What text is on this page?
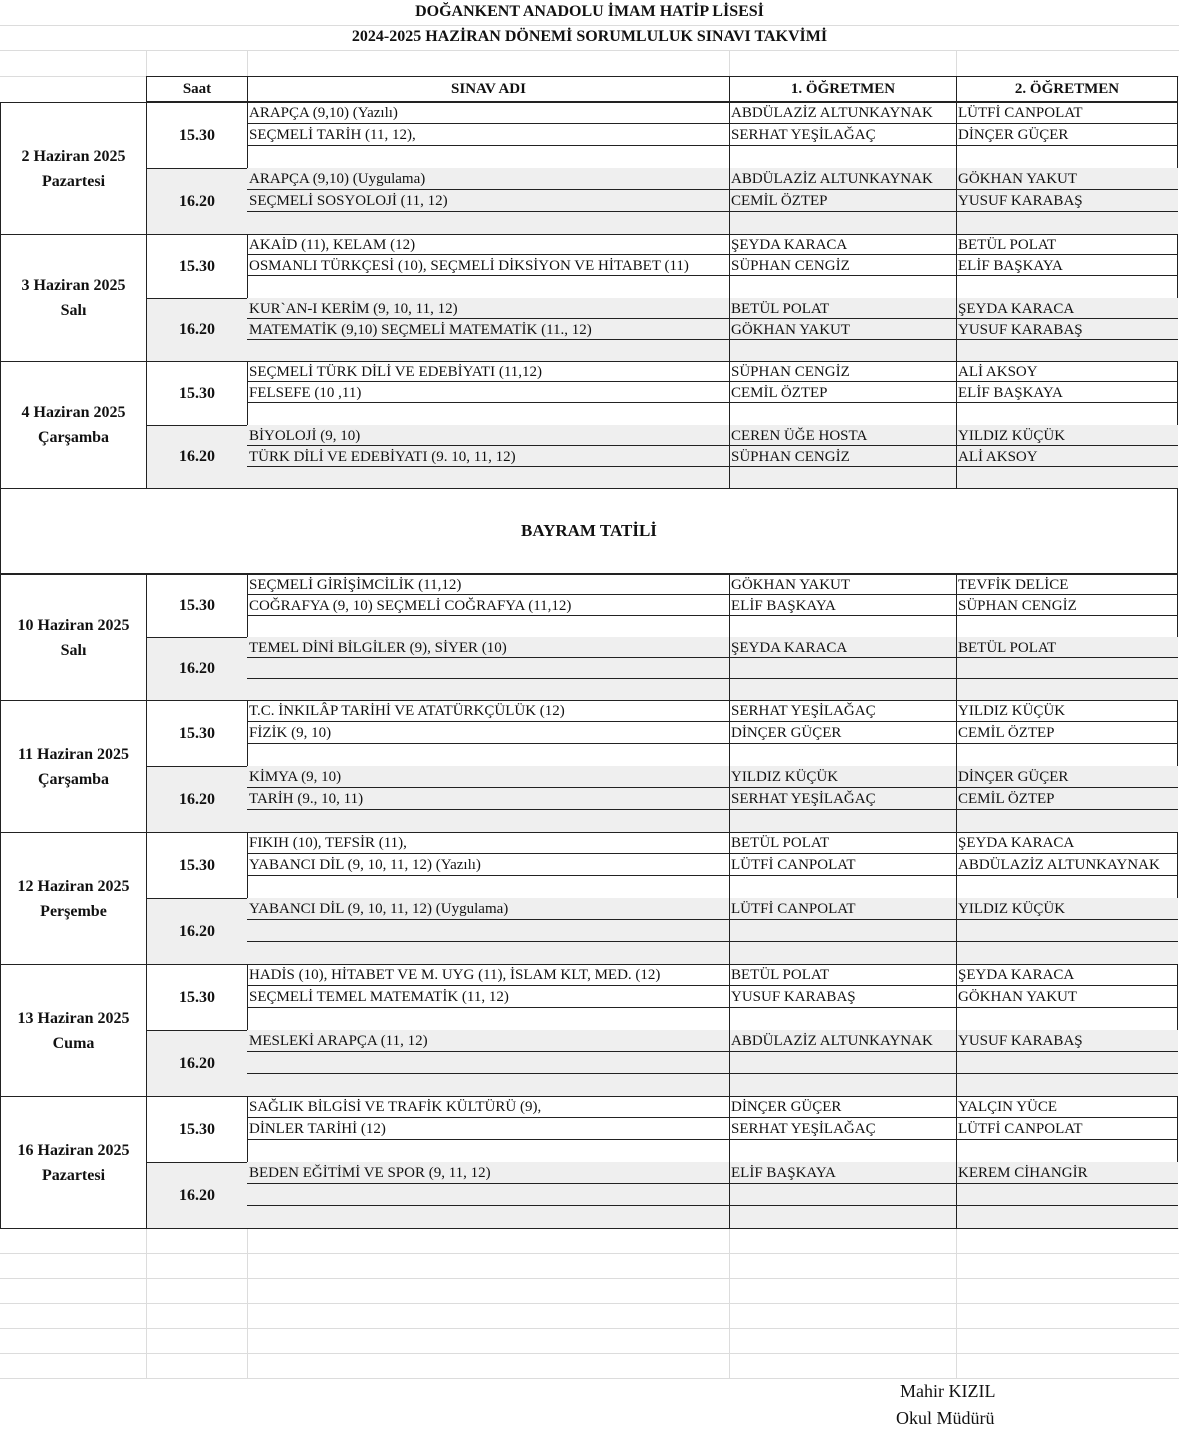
DOĞANKENT ANADOLU İMAM HATİP LİSESİ
2024-2025 HAZİRAN DÖNEMİ SORUMLULUK SINAVI TAKVİMİ
Saat	SINAV ADI	1. ÖĞRETMEN	2. ÖĞRETMEN
2 Haziran 2025
Pazartesi
15.30
ARAPÇA (9,10) (Yazılı)	ABDÜLAZİZ ALTUNKAYNAK	LÜTFİ CANPOLAT
SEÇMELİ TARİH (11, 12),	SERHAT YEŞİLAĞAÇ	DİNÇER GÜÇER
16.20
ARAPÇA (9,10) (Uygulama)	ABDÜLAZİZ ALTUNKAYNAK	GÖKHAN YAKUT
SEÇMELİ SOSYOLOJİ (11, 12)	CEMİL ÖZTEP	YUSUF KARABAŞ
3 Haziran 2025
Salı
15.30
AKAİD (11), KELAM (12)	ŞEYDA KARACA	BETÜL POLAT
OSMANLI TÜRKÇESİ (10), SEÇMELİ DİKSİYON VE HİTABET (11)	SÜPHAN CENGİZ	ELİF BAŞKAYA
16.20
KUR`AN-I KERİM (9, 10, 11, 12)	BETÜL POLAT	ŞEYDA KARACA
MATEMATİK (9,10) SEÇMELİ MATEMATİK (11., 12)	GÖKHAN YAKUT	YUSUF KARABAŞ
4 Haziran 2025
Çarşamba
15.30
SEÇMELİ TÜRK DİLİ VE EDEBİYATI (11,12)	SÜPHAN CENGİZ	ALİ AKSOY
FELSEFE (10 ,11)	CEMİL ÖZTEP	ELİF BAŞKAYA
16.20
BİYOLOJİ (9, 10)	CEREN ÜĞE HOSTA	YILDIZ KÜÇÜK
TÜRK DİLİ VE EDEBİYATI (9. 10, 11, 12)	SÜPHAN CENGİZ	ALİ AKSOY
10 Haziran 2025
Salı
15.30
SEÇMELİ GİRİŞİMCİLİK (11,12)	GÖKHAN YAKUT	TEVFİK DELİCE
COĞRAFYA (9, 10) SEÇMELİ COĞRAFYA (11,12)	ELİF BAŞKAYA	SÜPHAN CENGİZ
16.20
TEMEL DİNİ BİLGİLER (9), SİYER (10)	ŞEYDA KARACA	BETÜL POLAT
11 Haziran 2025
Çarşamba
15.30
T.C. İNKILÂP TARİHİ VE ATATÜRKÇÜLÜK (12)	SERHAT YEŞİLAĞAÇ	YILDIZ KÜÇÜK
FİZİK (9, 10)	DİNÇER GÜÇER	CEMİL ÖZTEP
16.20
KİMYA (9, 10)	YILDIZ KÜÇÜK	DİNÇER GÜÇER
TARİH (9., 10, 11)	SERHAT YEŞİLAĞAÇ	CEMİL ÖZTEP
12 Haziran 2025
Perşembe
15.30
FIKIH (10), TEFSİR (11),	BETÜL POLAT	ŞEYDA KARACA
YABANCI DİL (9, 10, 11, 12) (Yazılı)	LÜTFİ CANPOLAT	ABDÜLAZİZ ALTUNKAYNAK
16.20
YABANCI DİL (9, 10, 11, 12) (Uygulama)	LÜTFİ CANPOLAT	YILDIZ KÜÇÜK
13 Haziran 2025
Cuma
15.30
HADİS (10), HİTABET VE M. UYG (11), İSLAM KLT, MED. (12)	BETÜL POLAT	ŞEYDA KARACA
SEÇMELİ TEMEL MATEMATİK (11, 12)	YUSUF KARABAŞ	GÖKHAN YAKUT
16.20
MESLEKİ ARAPÇA (11, 12)	ABDÜLAZİZ ALTUNKAYNAK	YUSUF KARABAŞ
16 Haziran 2025
Pazartesi
15.30
SAĞLIK BİLGİSİ VE TRAFİK KÜLTÜRÜ (9),	DİNÇER GÜÇER	YALÇIN YÜCE
DİNLER TARİHİ (12)	SERHAT YEŞİLAĞAÇ	LÜTFİ CANPOLAT
16.20
BEDEN EĞİTİMİ VE SPOR (9, 11, 12)	ELİF BAŞKAYA	KEREM CİHANGİR
BAYRAM TATİLİ
Mahir KIZIL
Okul Müdürü
